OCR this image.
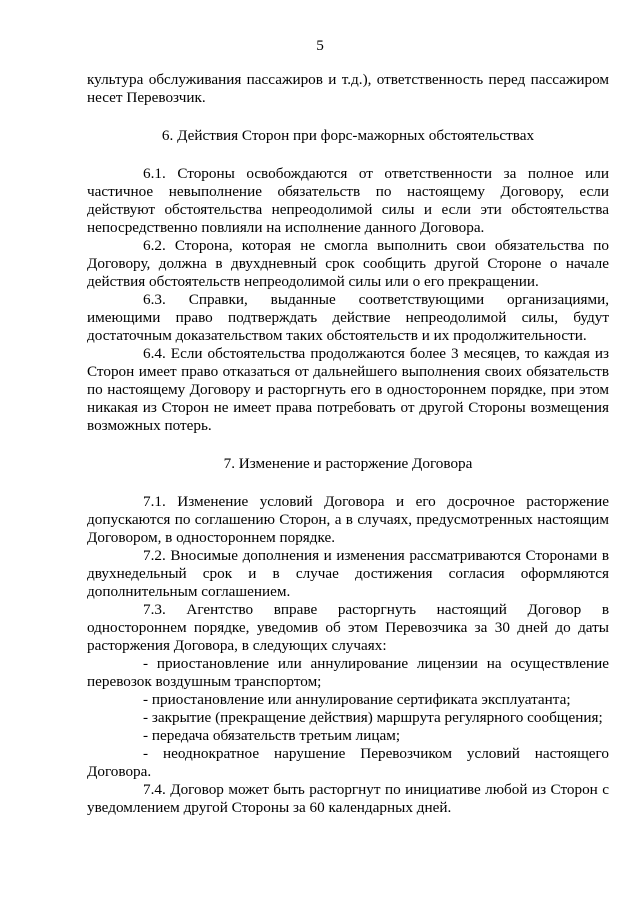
5

культура обслуживания пассажиров и т.д.), ответственность перед пассажиром несет Перевозчик.

6. Действия Сторон при форс-мажорных обстоятельствах

6.1. Стороны освобождаются от ответственности за полное или частичное невыполнение обязательств по настоящему Договору, если действуют обстоятельства непреодолимой силы и если эти обстоятельства непосредственно повлияли на исполнение данного Договора.

6.2. Сторона, которая не смогла выполнить свои обязательства по Договору, должна в двухдневный срок сообщить другой Стороне о начале действия обстоятельств непреодолимой силы или о его прекращении.

6.3. Справки, выданные соответствующими организациями, имеющими право подтверждать действие непреодолимой силы, будут достаточным доказательством таких обстоятельств и их продолжительности.

6.4. Если обстоятельства продолжаются более 3 месяцев, то каждая из Сторон имеет право отказаться от дальнейшего выполнения своих обязательств по настоящему Договору и расторгнуть его в одностороннем порядке, при этом никакая из Сторон не имеет права потребовать от другой Стороны возмещения возможных потерь.

7. Изменение и расторжение Договора

7.1. Изменение условий Договора и его досрочное расторжение допускаются по соглашению Сторон, а в случаях, предусмотренных настоящим Договором, в одностороннем порядке.

7.2. Вносимые дополнения и изменения рассматриваются Сторонами в двухнедельный срок и в случае достижения согласия оформляются дополнительным соглашением.

7.3. Агентство вправе расторгнуть настоящий Договор в одностороннем порядке, уведомив об этом Перевозчика за 30 дней до даты расторжения Договора, в следующих случаях:

- приостановление или аннулирование лицензии на осуществление перевозок воздушным транспортом;

- приостановление или аннулирование сертификата эксплуатанта;

- закрытие (прекращение действия) маршрута регулярного сообщения;

- передача обязательств третьим лицам;

- неоднократное нарушение Перевозчиком условий настоящего Договора.

7.4. Договор может быть расторгнут по инициативе любой из Сторон с уведомлением другой Стороны за 60 календарных дней.
